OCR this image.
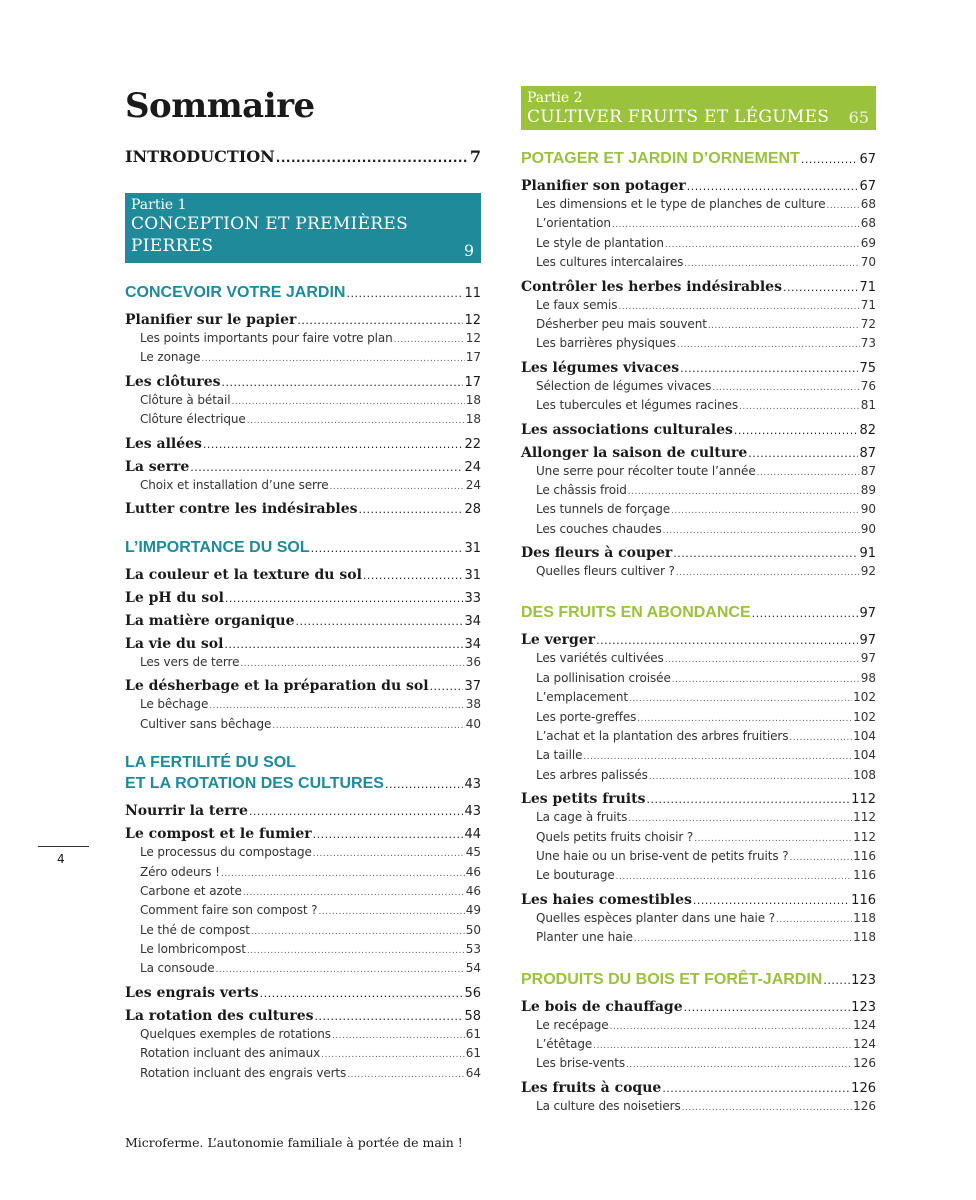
Sommaire
INTRODUCTION .....	7
Partie 1
CONCEPTION ET PREMIÈRES
PIERRES	9
CONCEVOIR VOTRE JARDIN .....	11
Planifier sur le papier .....	12
Les points importants pour faire votre plan .....	12
Le zonage .....	17
Les clôtures .....	17
Clôture à bétail .....	18
Clôture électrique .....	18
Les allées .....	22
La serre .....	24
Choix et installation d’une serre .....	24
Lutter contre les indésirables .....	28
L’IMPORTANCE DU SOL .....	31
La couleur et la texture du sol .....	31
Le pH du sol .....	33
La matière organique .....	34
La vie du sol .....	34
Les vers de terre .....	36
Le désherbage et la préparation du sol .....	37
Le bêchage .....	38
Cultiver sans bêchage .....	40
LA FERTILITÉ DU SOL
ET LA ROTATION DES CULTURES .....	43
Nourrir la terre .....	43
Le compost et le fumier .....	44
Le processus du compostage .....	45
Zéro odeurs ! .....	46
Carbone et azote .....	46
Comment faire son compost ? .....	49
Le thé de compost .....	50
Le lombricompost .....	53
La consoude .....	54
Les engrais verts .....	56
La rotation des cultures .....	58
Quelques exemples de rotations .....	61
Rotation incluant des animaux .....	61
Rotation incluant des engrais verts .....	64
Partie 2
CULTIVER FRUITS ET LÉGUMES	65
POTAGER ET JARDIN D’ORNEMENT .....	67
Planifier son potager .....	67
Les dimensions et le type de planches de culture .....	68
L’orientation .....	68
Le style de plantation .....	69
Les cultures intercalaires .....	70
Contrôler les herbes indésirables .....	71
Le faux semis .....	71
Désherber peu mais souvent .....	72
Les barrières physiques .....	73
Les légumes vivaces .....	75
Sélection de légumes vivaces .....	76
Les tubercules et légumes racines .....	81
Les associations culturales .....	82
Allonger la saison de culture .....	87
Une serre pour récolter toute l’année .....	87
Le châssis froid .....	89
Les tunnels de forçage .....	90
Les couches chaudes .....	90
Des fleurs à couper .....	91
Quelles fleurs cultiver ? .....	92
DES FRUITS EN ABONDANCE .....	97
Le verger .....	97
Les variétés cultivées .....	97
La pollinisation croisée .....	98
L’emplacement .....	102
Les porte-greffes .....	102
L’achat et la plantation des arbres fruitiers .....	104
La taille .....	104
Les arbres palissés .....	108
Les petits fruits .....	112
La cage à fruits .....	112
Quels petits fruits choisir ? .....	112
Une haie ou un brise-vent de petits fruits ? .....	116
Le bouturage .....	116
Les haies comestibles .....	116
Quelles espèces planter dans une haie ? .....	118
Planter une haie .....	118
PRODUITS DU BOIS ET FORÊT-JARDIN ..... 123
Le bois de chauffage .....	123
Le recépage .....	124
L’étêtage .....	124
Les brise-vents .....	126
Les fruits à coque .....	126
La culture des noisetiers .....	126
4
Microferme. L’autonomie familiale à portée de main !
